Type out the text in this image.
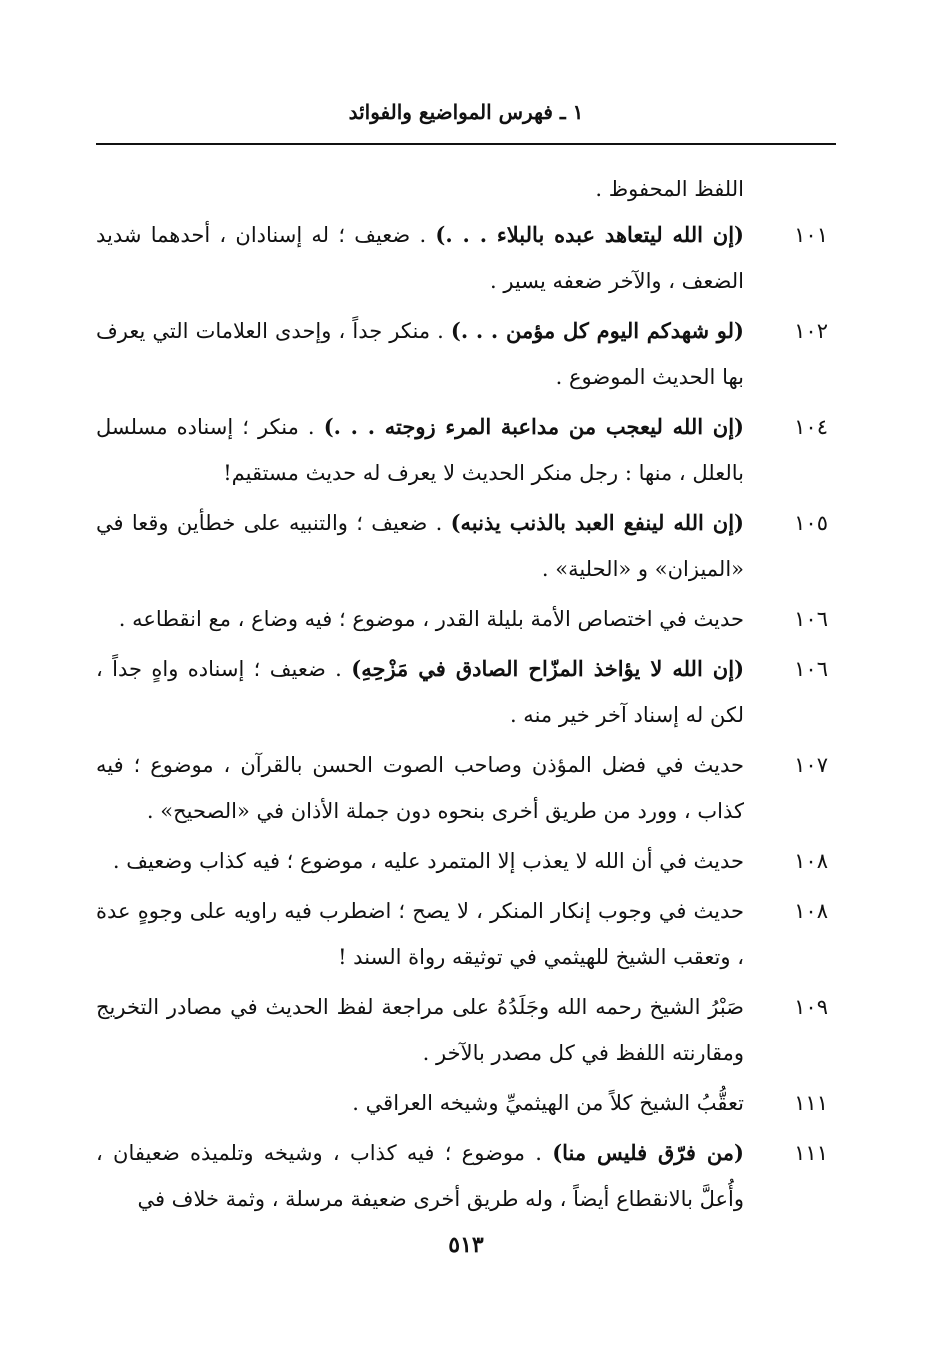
١ ـ فهرس المواضيع والفوائد

اللفظ المحفوظ .

١٠١
(إن الله ليتعاهد عبده بالبلاء . . .) . ضعيف ؛ له إسنادان ، أحدهما شديد الضعف ، والآخر ضعفه يسير .
١٠٢
(لو شهدكم اليوم كل مؤمن . . .) . منكر جداً ، وإحدى العلامات التي يعرف بها الحديث الموضوع .
١٠٤
(إن الله ليعجب من مداعبة المرء زوجته . . .) . منكر ؛ إسناده مسلسل بالعلل ، منها : رجل منكر الحديث لا يعرف له حديث مستقيم!
١٠٥
(إن الله لينفع العبد بالذنب يذنبه) . ضعيف ؛ والتنبيه على خطأين وقعا في «الميزان» و «الحلية» .
١٠٦
حديث في اختصاص الأمة بليلة القدر ، موضوع ؛ فيه وضاع ، مع انقطاعه .
١٠٦
(إن الله لا يؤاخذ المزّاح الصادق في مَزْحِهِ) . ضعيف ؛ إسناده واهٍ جداً ، لكن له إسناد آخر خير منه .
١٠٧
حديث في فضل المؤذن وصاحب الصوت الحسن بالقرآن ، موضوع ؛ فيه كذاب ، وورد من طريق أخرى بنحوه دون جملة الأذان في «الصحيح» .
١٠٨
حديث في أن الله لا يعذب إلا المتمرد عليه ، موضوع ؛ فيه كذاب وضعيف .
١٠٨
حديث في وجوب إنكار المنكر ، لا يصح ؛ اضطرب فيه راويه على وجوهٍ عدة ، وتعقب الشيخ للهيثمي في توثيقه رواة السند !
١٠٩
صَبْرُ الشيخ رحمه الله وجَلَدُهُ على مراجعة لفظ الحديث في مصادر التخريج ومقارنته اللفظ في كل مصدر بالآخر .
١١١
تعقُّبُ الشيخ كلاً من الهيثميِّ وشيخه العراقي .
١١١
(من فرّق فليس منا) . موضوع ؛ فيه كذاب ، وشيخه وتلميذه ضعيفان ، وأُعلَّ بالانقطاع أيضاً ، وله طريق أخرى ضعيفة مرسلة ، وثمة خلاف في
٥١٣
